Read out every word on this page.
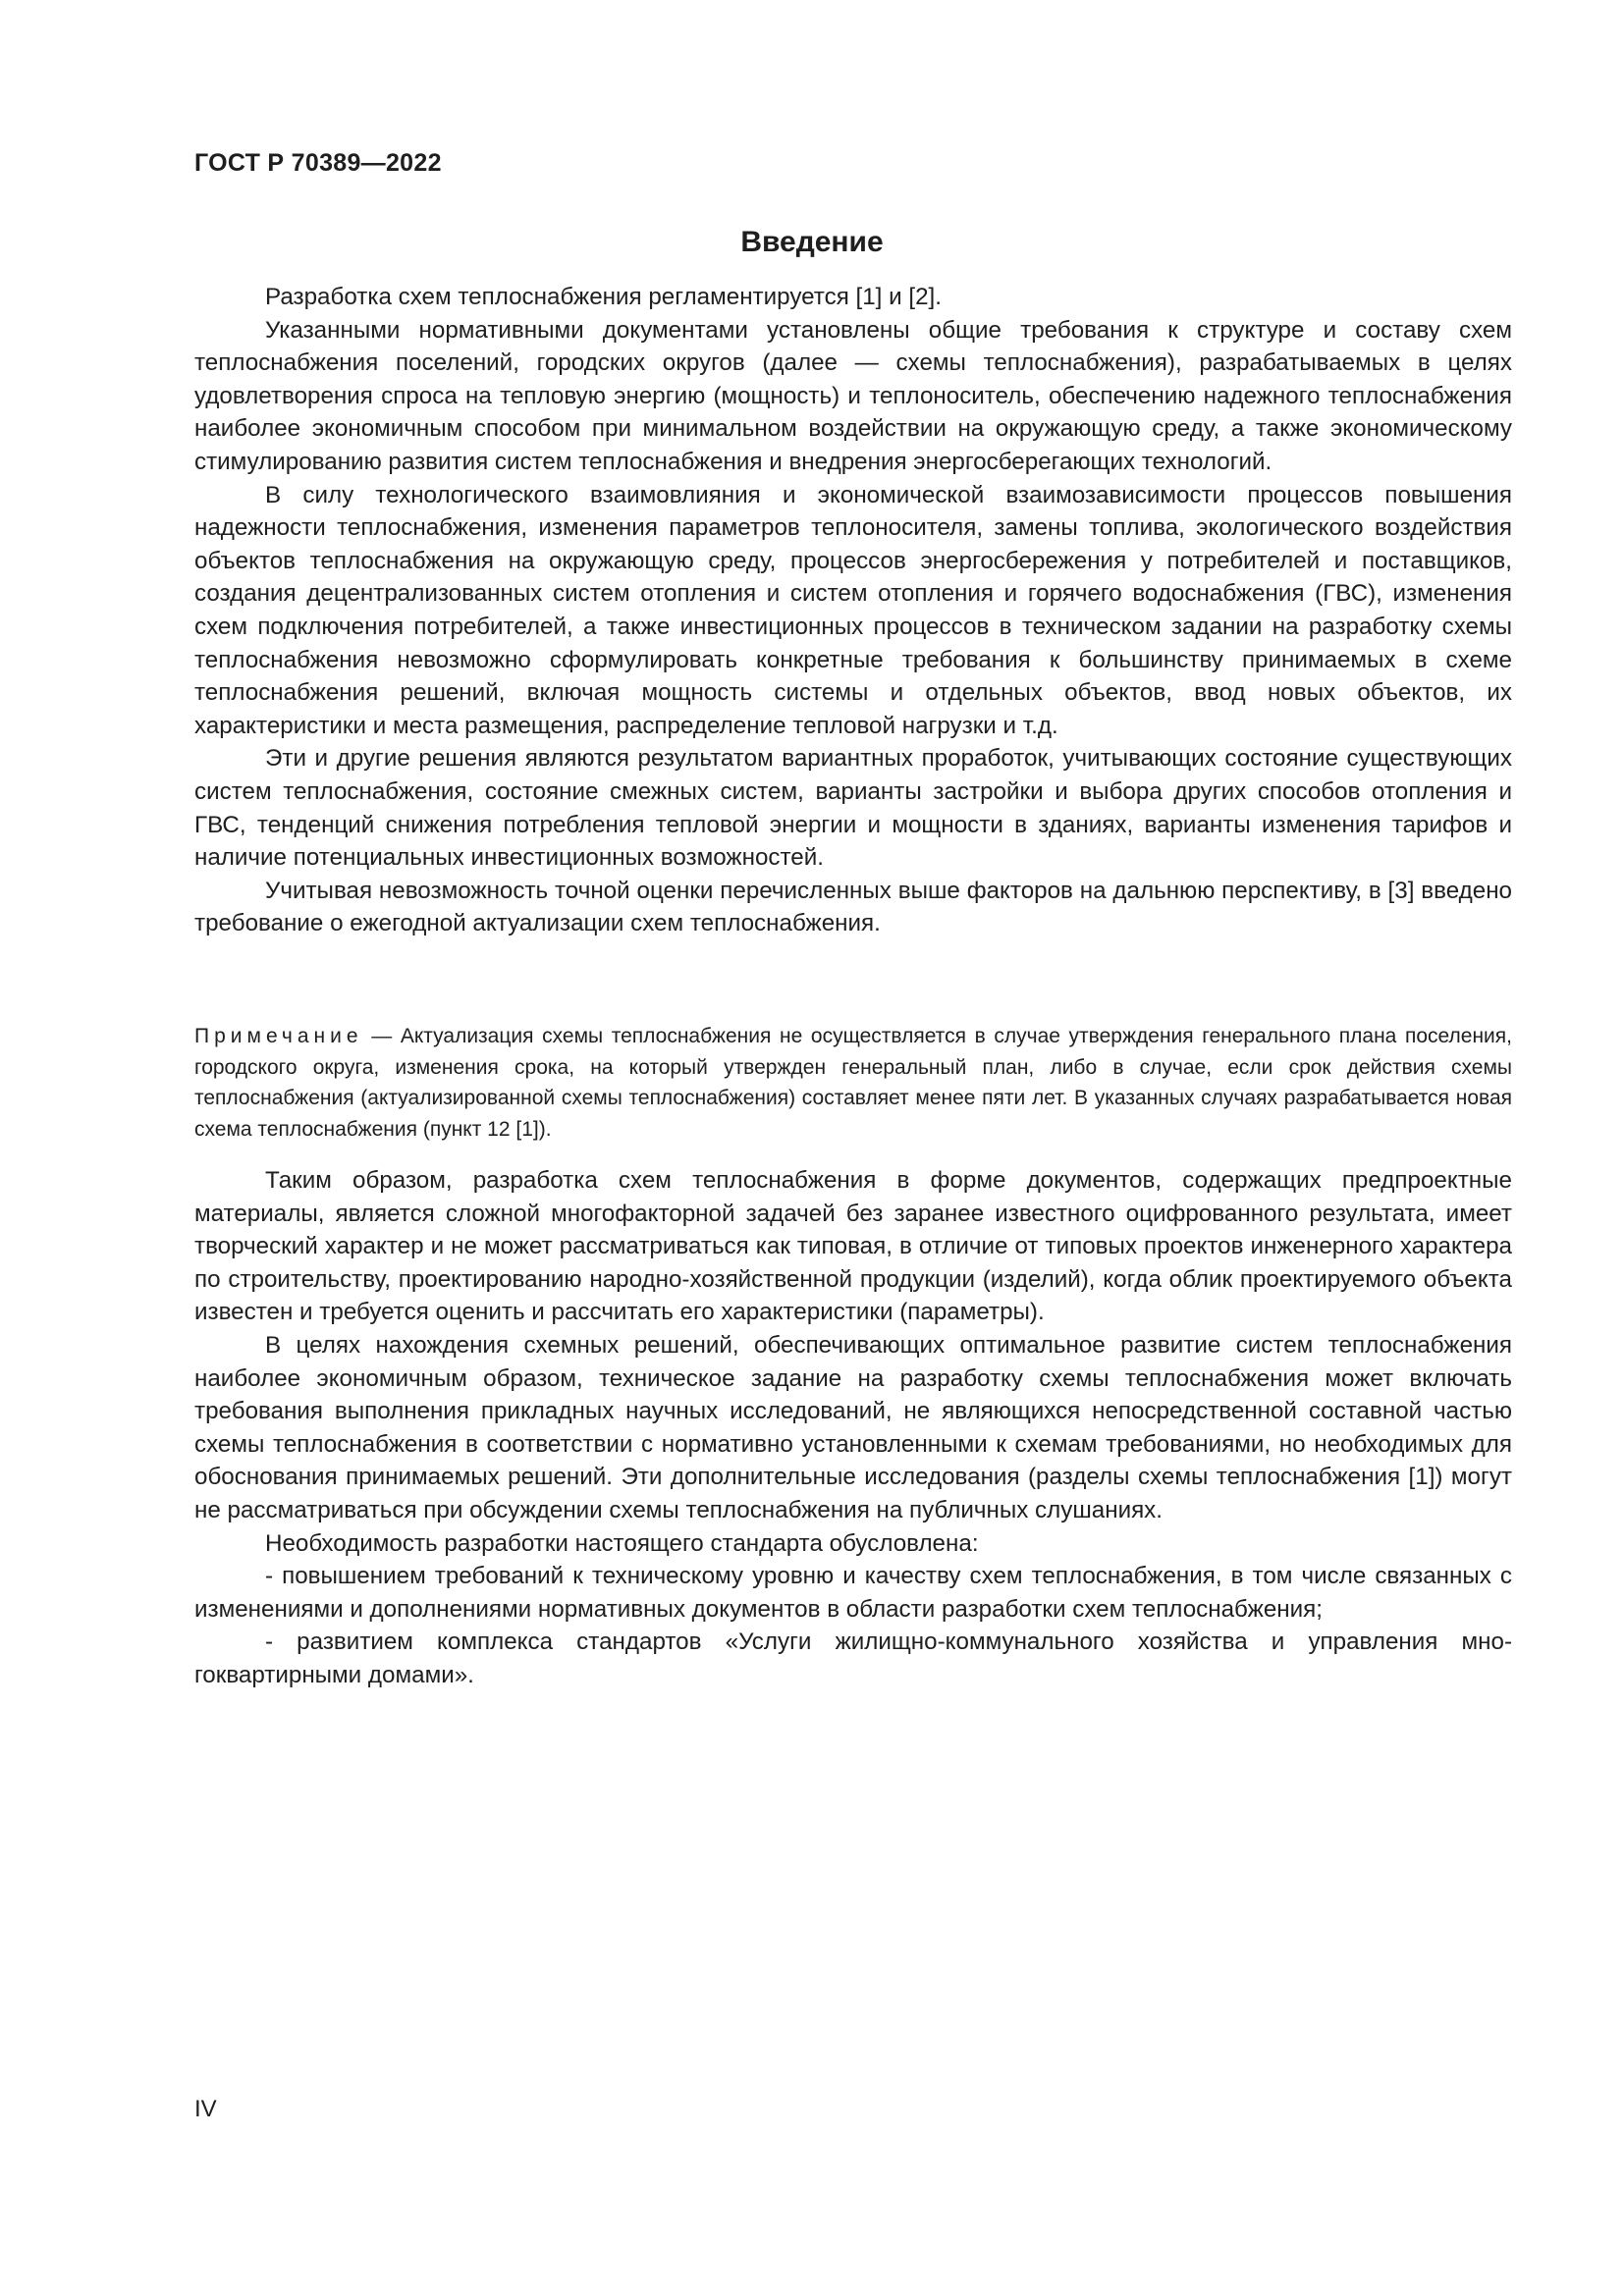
ГОСТ Р 70389—2022
Введение

Разработка схем теплоснабжения регламентируется [1] и [2].

Указанными нормативными документами установлены общие требования к структуре и составу схем теплоснабжения поселений, городских округов (далее — схемы теплоснабжения), разрабатываемых в целях удовлетворения спроса на тепловую энергию (мощность) и теплоноситель, обеспечению надежного теплоснабжения наиболее экономичным способом при минимальном воздействии на окружающую среду, а также экономическому стимулированию развития систем теплоснабжения и внедрения энергосберегающих технологий.

В силу технологического взаимовлияния и экономической взаимозависимости процессов повышения надежности теплоснабжения, изменения параметров теплоносителя, замены топлива, экологического воздействия объектов теплоснабжения на окружающую среду, процессов энергосбережения у потребителей и поставщиков, создания децентрализованных систем отопления и систем отопления и горячего водоснабжения (ГВС), изменения схем подключения потребителей, а также инвестиционных процессов в техническом задании на разработку схемы теплоснабжения невозможно сформулировать конкретные требования к большинству принимаемых в схеме теплоснабжения решений, включая мощность системы и отдельных объектов, ввод новых объектов, их характеристики и места размещения, распределение тепловой нагрузки и т.д.

Эти и другие решения являются результатом вариантных проработок, учитывающих состояние существующих систем теплоснабжения, состояние смежных систем, варианты застройки и выбора других способов отопления и ГВС, тенденций снижения потребления тепловой энергии и мощности в зданиях, варианты изменения тарифов и наличие потенциальных инвестиционных возможностей.

Учитывая невозможность точной оценки перечисленных выше факторов на дальнюю перспективу, в [3] введено требование о ежегодной актуализации схем теплоснабжения.

Примечание — Актуализация схемы теплоснабжения не осуществляется в случае утверждения генерального плана поселения, городского округа, изменения срока, на который утвержден генеральный план, либо в случае, если срок действия схемы теплоснабжения (актуализированной схемы теплоснабжения) составляет менее пяти лет. В указанных случаях разрабатывается новая схема теплоснабжения (пункт 12 [1]).

Таким образом, разработка схем теплоснабжения в форме документов, содержащих предпроектные материалы, является сложной многофакторной задачей без заранее известного оцифрованного результата, имеет творческий характер и не может рассматриваться как типовая, в отличие от типовых проектов инженерного характера по строительству, проектированию народно-хозяйственной продукции (изделий), когда облик проектируемого объекта известен и требуется оценить и рассчитать его характеристики (параметры).

В целях нахождения схемных решений, обеспечивающих оптимальное развитие систем теплоснабжения наиболее экономичным образом, техническое задание на разработку схемы теплоснабжения может включать требования выполнения прикладных научных исследований, не являющихся непосредственной составной частью схемы теплоснабжения в соответствии с нормативно установленными к схемам требованиями, но необходимых для обоснования принимаемых решений. Эти дополнительные исследования (разделы схемы теплоснабжения [1]) могут не рассматриваться при обсуждении схемы теплоснабжения на публичных слушаниях.

Необходимость разработки настоящего стандарта обусловлена:

- повышением требований к техническому уровню и качеству схем теплоснабжения, в том числе связанных с изменениями и дополнениями нормативных документов в области разработки схем теплоснабжения;

- развитием комплекса стандартов «Услуги жилищно-коммунального хозяйства и управления многоквартирными домами».

IV
